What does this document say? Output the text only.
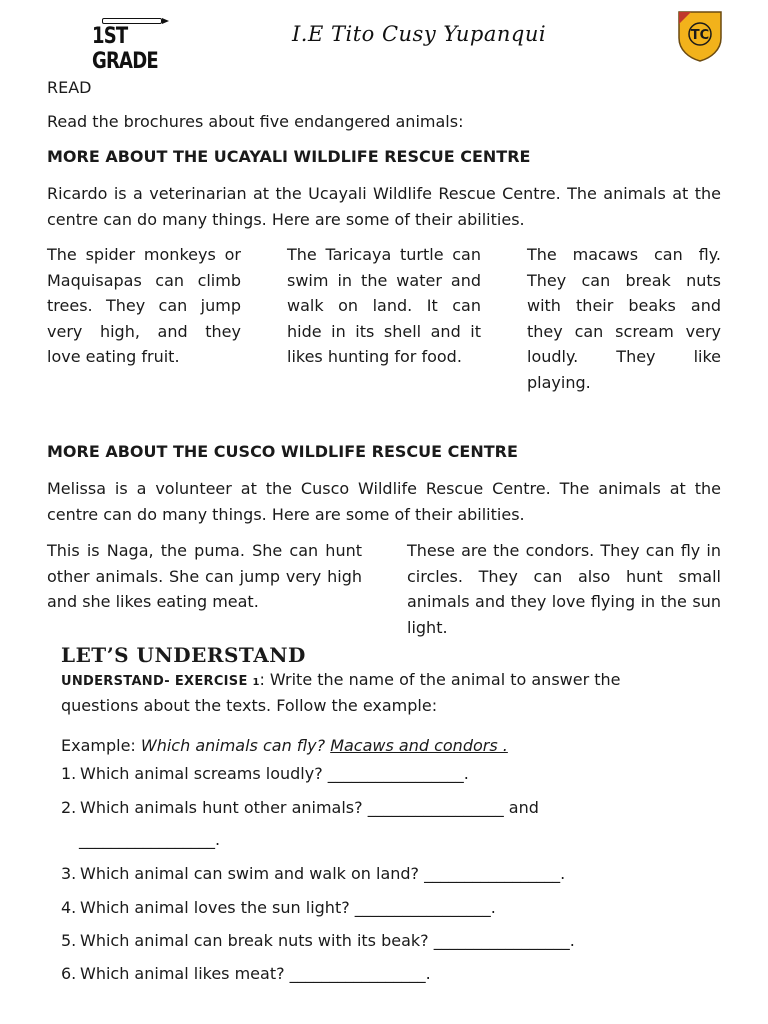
1ST GRADE
I.E Tito Cusy Yupanqui	TC
READ
Read the brochures about five endangered animals:
MORE ABOUT THE UCAYALI WILDLIFE RESCUE CENTRE
Ricardo is a veterinarian at the Ucayali Wildlife Rescue Centre. The animals at the centre can do many things. Here are some of their abilities.
The spider monkeys or Maquisapas can climb trees. They can jump very high, and they love eating fruit.
The Taricaya turtle can swim in the water and walk on land. It can hide in its shell and it likes hunting for food.
The macaws can fly. They can break nuts with their beaks and they can scream very loudly. They like playing.
MORE ABOUT THE CUSCO WILDLIFE RESCUE CENTRE
Melissa is a volunteer at the Cusco Wildlife Rescue Centre. The animals at the centre can do many things. Here are some of their abilities.
This is Naga, the puma. She can hunt other animals. She can jump very high and she likes eating meat.
These are the condors. They can fly in circles. They can also hunt small animals and they love flying in the sun light.
LET’S UNDERSTAND
UNDERSTAND- EXERCISE 1: Write the name of the animal to answer the questions about the texts. Follow the example:
Example: Which animals can fly? Macaws and condors .
1. Which animal screams loudly? _________________.
2. Which animals hunt other animals? _________________ and
_________________.
3. Which animal can swim and walk on land? _________________.
4. Which animal loves the sun light? _________________.
5. Which animal can break nuts with its beak? _________________.
6. Which animal likes meat? _________________.
